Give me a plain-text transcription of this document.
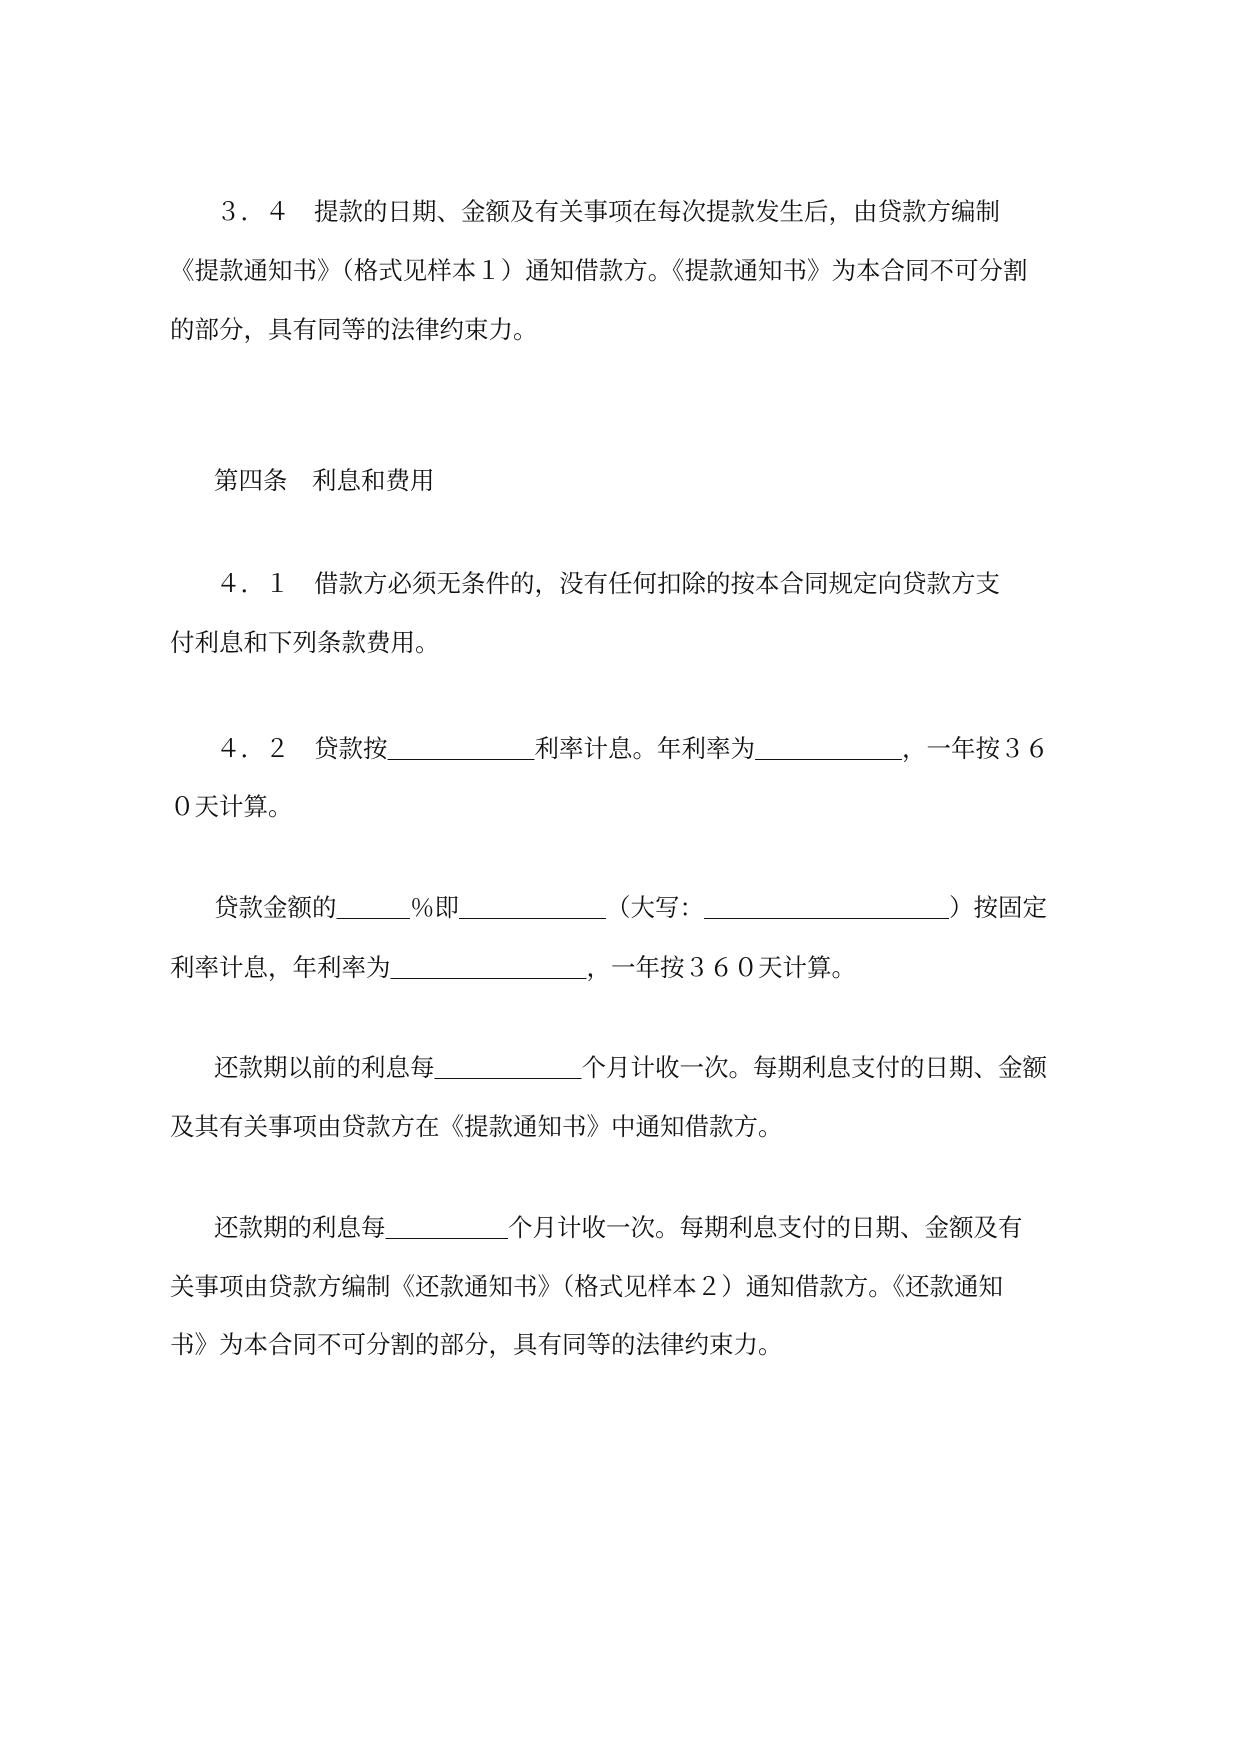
３．４　提款的日期、金额及有关事项在每次提款发生后，由贷款方编制
《提款通知书》（格式见样本１）通知借款方。《提款通知书》为本合同不可分割
的部分，具有同等的法律约束力。
第四条　利息和费用
４．１　借款方必须无条件的，没有任何扣除的按本合同规定向贷款方支
付利息和下列条款费用。
４．２　贷款按＿＿＿＿＿＿利率计息。年利率为＿＿＿＿＿＿，一年按３６
０天计算。
贷款金额的＿＿＿％即＿＿＿＿＿＿（大写：＿＿＿＿＿＿＿＿＿＿）按固定
利率计息，年利率为＿＿＿＿＿＿＿＿，一年按３６０天计算。
还款期以前的利息每＿＿＿＿＿＿个月计收一次。每期利息支付的日期、金额
及其有关事项由贷款方在《提款通知书》中通知借款方。
还款期的利息每＿＿＿＿＿个月计收一次。每期利息支付的日期、金额及有
关事项由贷款方编制《还款通知书》（格式见样本２）通知借款方。《还款通知
书》为本合同不可分割的部分，具有同等的法律约束力。
